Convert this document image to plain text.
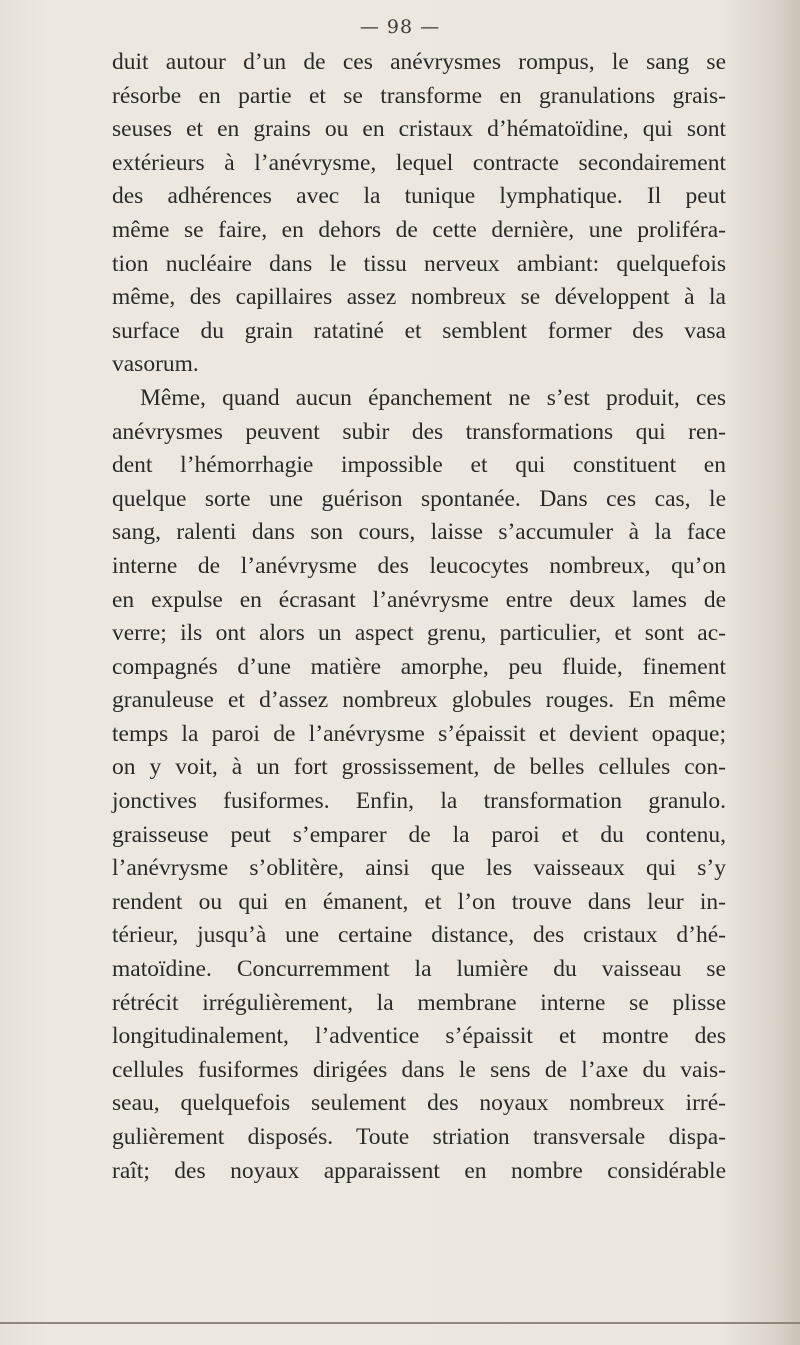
— 98 —
duit autour d’un de ces anévrysmes rompus, le sang se
résorbe en partie et se transforme en granulations grais-
seuses et en grains ou en cristaux d’hématoïdine, qui sont
extérieurs à l’anévrysme, lequel contracte secondairement
des adhérences avec la tunique lymphatique. Il peut
même se faire, en dehors de cette dernière, une proliféra-
tion nucléaire dans le tissu nerveux ambiant: quelquefois
même, des capillaires assez nombreux se développent à la
surface du grain ratatiné et semblent former des vasa
vasorum.
Même, quand aucun épanchement ne s’est produit, ces
anévrysmes peuvent subir des transformations qui ren-
dent l’hémorrhagie impossible et qui constituent en
quelque sorte une guérison spontanée. Dans ces cas, le
sang, ralenti dans son cours, laisse s’accumuler à la face
interne de l’anévrysme des leucocytes nombreux, qu’on
en expulse en écrasant l’anévrysme entre deux lames de
verre; ils ont alors un aspect grenu, particulier, et sont ac-
compagnés d’une matière amorphe, peu fluide, finement
granuleuse et d’assez nombreux globules rouges. En même
temps la paroi de l’anévrysme s’épaissit et devient opaque;
on y voit, à un fort grossissement, de belles cellules con-
jonctives fusiformes. Enfin, la transformation granulo.
graisseuse peut s’emparer de la paroi et du contenu,
l’anévrysme s’oblitère, ainsi que les vaisseaux qui s’y
rendent ou qui en émanent, et l’on trouve dans leur in-
térieur, jusqu’à une certaine distance, des cristaux d’hé-
matoïdine. Concurremment la lumière du vaisseau se
rétrécit irrégulièrement, la membrane interne se plisse
longitudinalement, l’adventice s’épaissit et montre des
cellules fusiformes dirigées dans le sens de l’axe du vais-
seau, quelquefois seulement des noyaux nombreux irré-
gulièrement disposés. Toute striation transversale dispa-
raît; des noyaux apparaissent en nombre considérable
